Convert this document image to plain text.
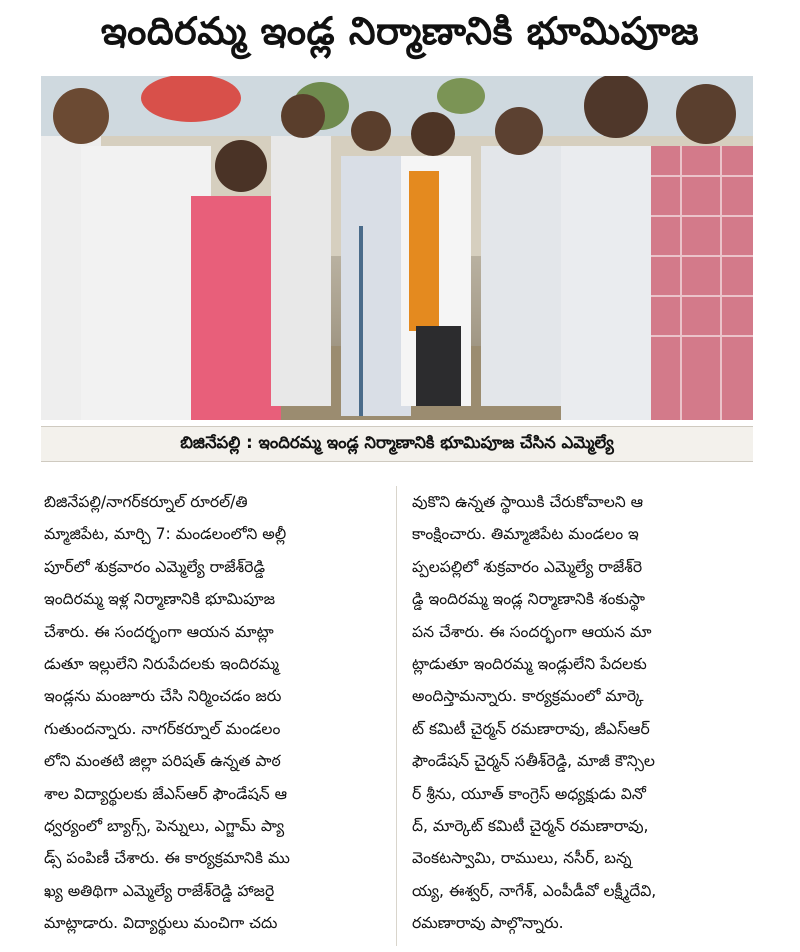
ఇందిరమ్మ ఇండ్ల నిర్మాణానికి భూమిపూజ
బిజినేపల్లి : ఇందిరమ్మ ఇండ్ల నిర్మాణానికి భూమిపూజ చేసిన ఎమ్మెల్యే
బిజినేపల్లి/నాగర్‌కర్నూల్ రూరల్/తి
మ్మాజిపేట, మార్చి 7: మండలంలోని అల్లీ
పూర్‌లో శుక్రవారం ఎమ్మెల్యే రాజేశ్‌రెడ్డి
ఇందిరమ్మ ఇళ్ల నిర్మాణానికి భూమిపూజ
చేశారు. ఈ సందర్భంగా ఆయన మాట్లా
డుతూ ఇల్లులేని నిరుపేదలకు ఇందిరమ్మ
ఇండ్లను మంజూరు చేసి నిర్మించడం జరు
గుతుందన్నారు. నాగర్‌కర్నూల్ మండలం
లోని మంతటి జిల్లా పరిషత్ ఉన్నత పాఠ
శాల విద్యార్థులకు జేఎస్‌ఆర్ ఫౌండేషన్ ఆ
ధ్వర్యంలో బ్యాగ్స్, పెన్నులు, ఎగ్జామ్ ప్యా
డ్స్ పంపిణీ చేశారు. ఈ కార్యక్రమానికి ము
ఖ్య అతిథిగా ఎమ్మెల్యే రాజేశ్‌రెడ్డి హాజరై
మాట్లాడారు. విద్యార్థులు మంచిగా చదు
వుకొని ఉన్నత స్థాయికి చేరుకోవాలని ఆ
కాంక్షించారు. తిమ్మాజిపేట మండలం ఇ
ప్పలపల్లిలో శుక్రవారం ఎమ్మెల్యే రాజేశ్‌రె
డ్డి ఇందిరమ్మ ఇండ్ల నిర్మాణానికి శంకుస్థా
పన చేశారు. ఈ సందర్భంగా ఆయన మా
ట్లాడుతూ ఇందిరమ్మ ఇండ్లులేని పేదలకు
అందిస్తామన్నారు. కార్యక్రమంలో మార్కె
ట్ కమిటీ చైర్మన్ రమణారావు, జీఎస్‌ఆర్
ఫౌండేషన్ చైర్మన్ సతీశ్‌రెడ్డి, మాజీ కౌన్సిల
ర్ శ్రీను, యూత్ కాంగ్రెస్ అధ్యక్షుడు వినో
ద్, మార్కెట్ కమిటీ చైర్మన్ రమణారావు,
వెంకటస్వామి, రాములు, నసీర్, బన్న
య్య, ఈశ్వర్, నాగేశ్, ఎంపీడీవో లక్ష్మీదేవి,
రమణారావు పాల్గొన్నారు.
